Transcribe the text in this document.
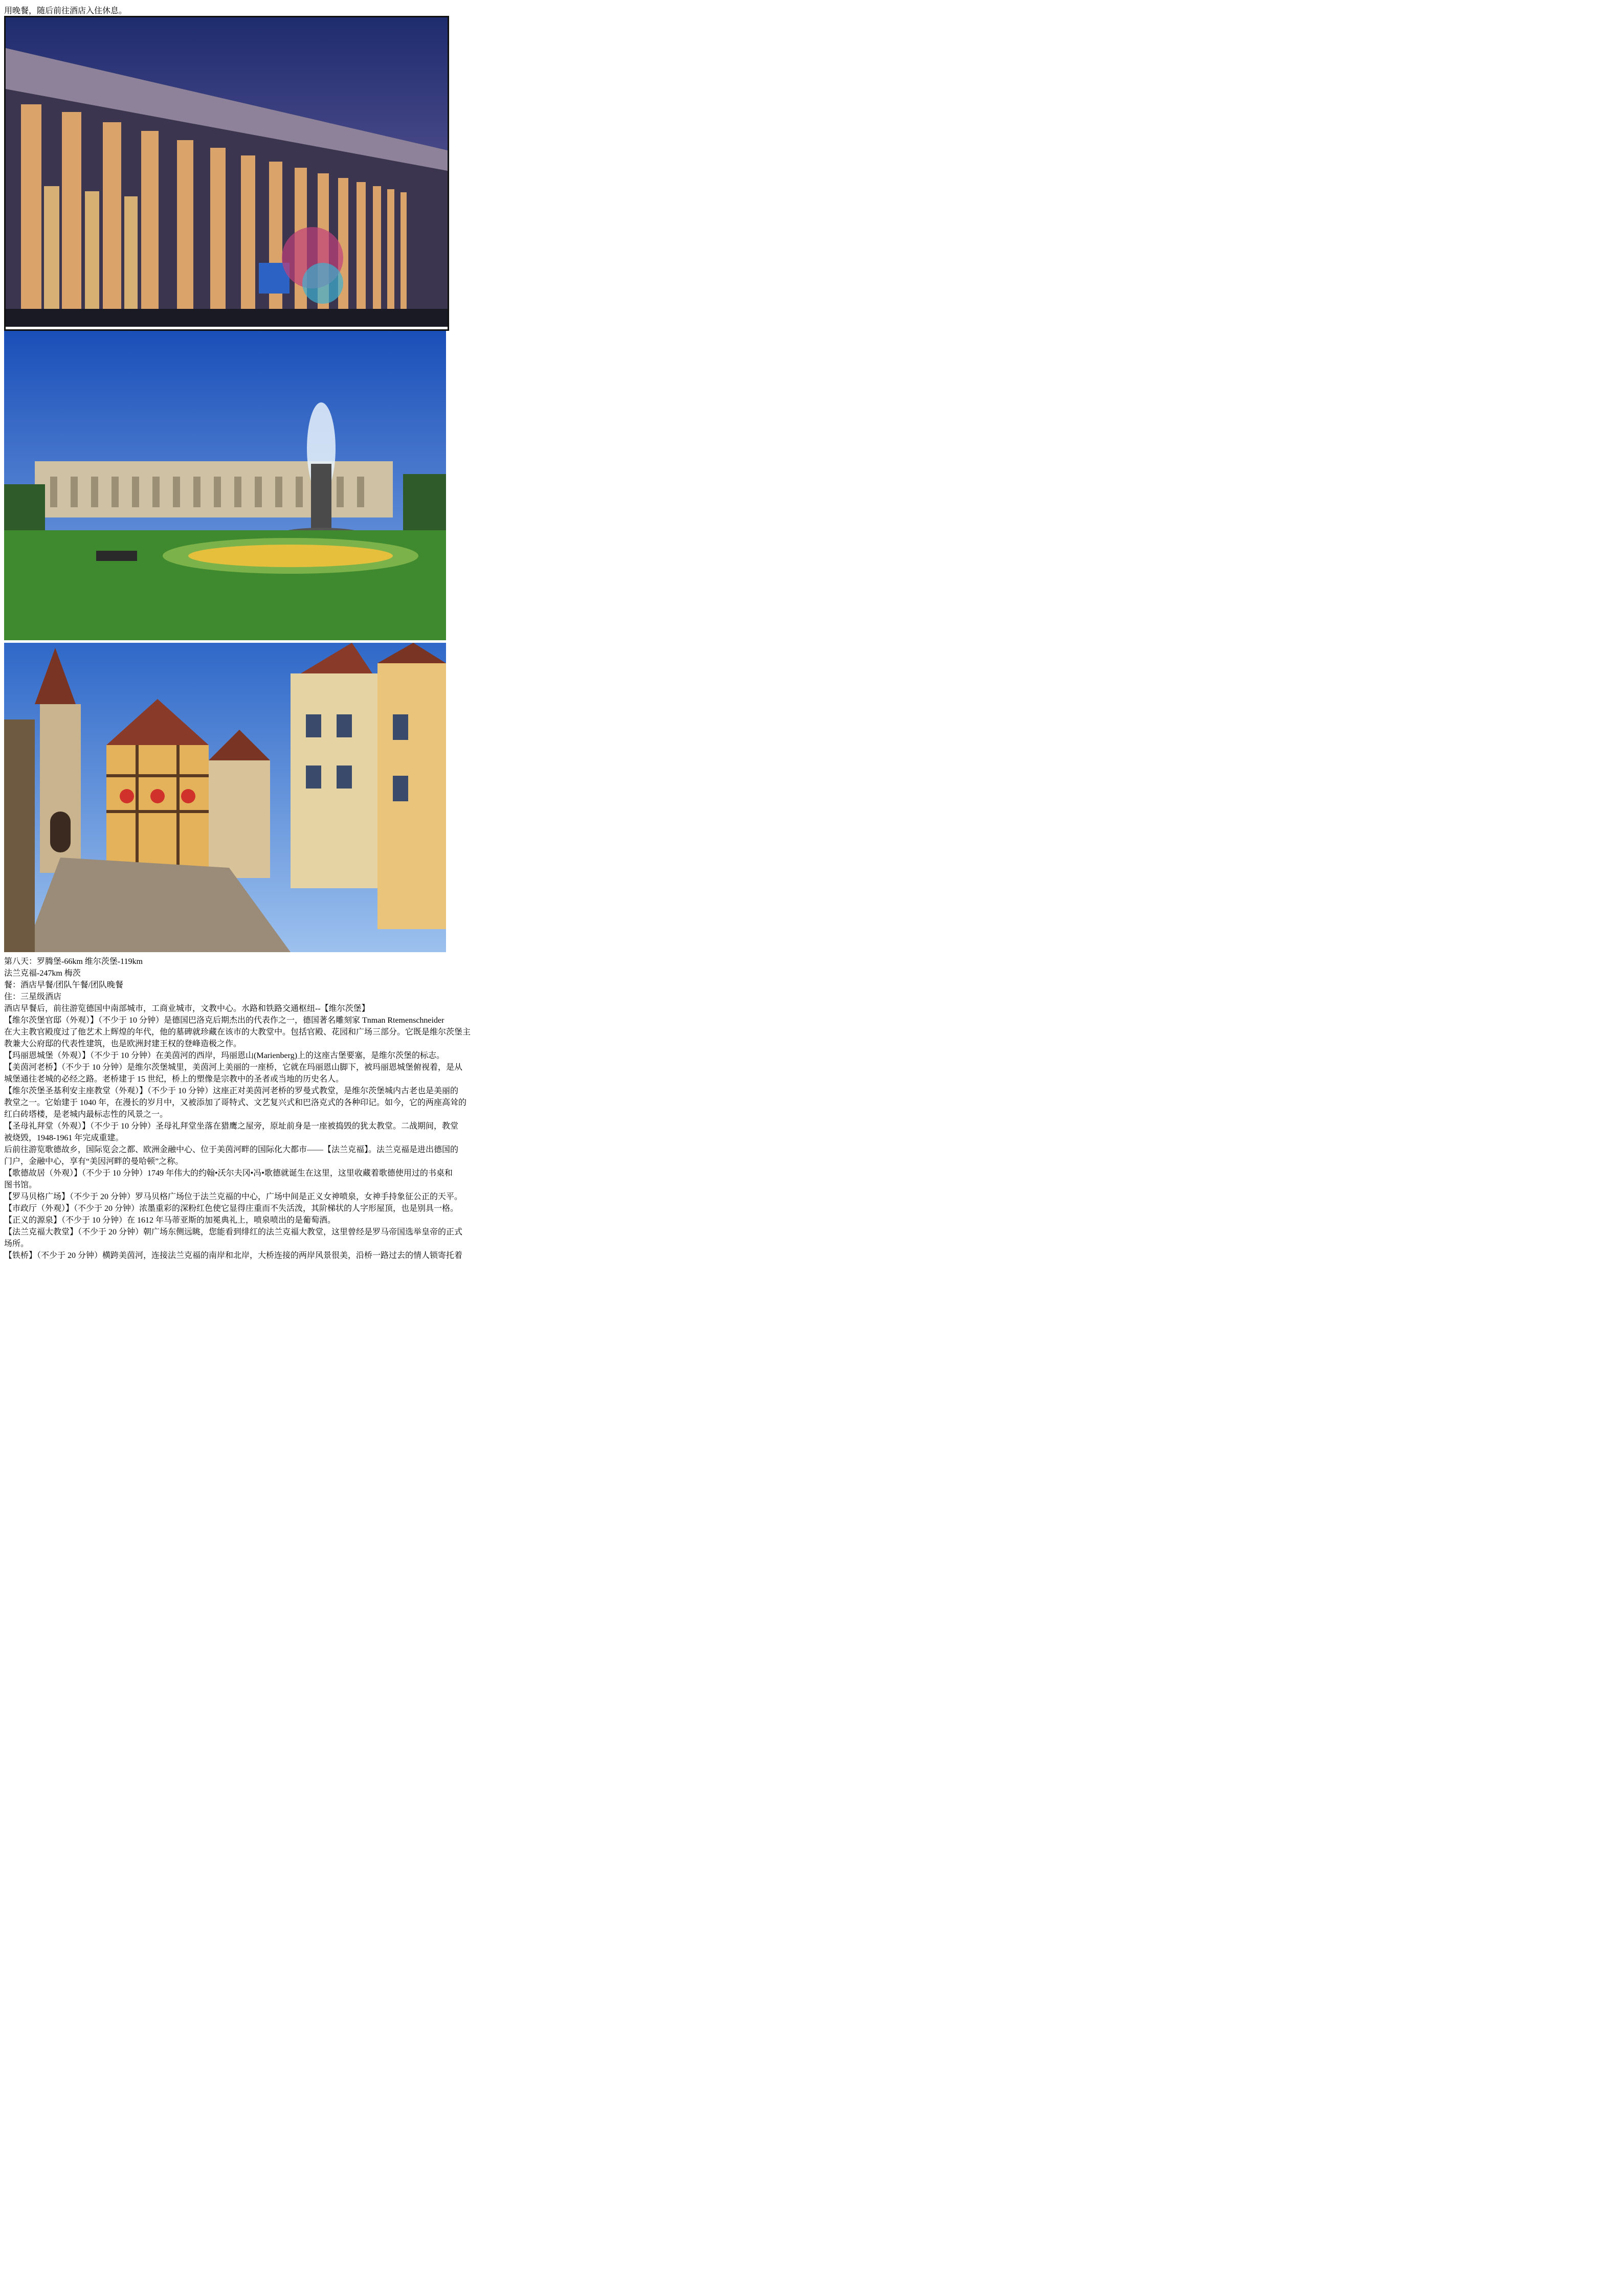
用晚餐，随后前往酒店入住休息。
第八天：罗腾堡-66km 维尔茨堡-119km
法兰克福-247km 梅茨
餐：酒店早餐/团队午餐/团队晚餐
住：三星级酒店
酒店早餐后，前往游览德国中南部城市，工商业城市，文教中心。水路和铁路交通枢纽--【维尔茨堡】
【维尔茨堡官邸（外观）】（不少于 10 分钟）是德国巴洛克后期杰出的代表作之一，德国著名雕刻家 Tnman Rtemenschneider
在大主教官殿度过了他艺术上辉煌的年代，他的墓碑就珍藏在该市的大教堂中。包括官殿、花园和广场三部分。它既是维尔茨堡主
教兼大公府邸的代表性建筑，也是欧洲封建王权的登峰造极之作。
【玛丽恩城堡（外观）】（不少于 10 分钟）在美茵河的西岸，玛丽恩山(Marienberg)上的这座古堡要塞，是维尔茨堡的标志。
【美茵河老桥】（不少于 10 分钟）是维尔茨堡城里，美茵河上美丽的一座桥，它就在玛丽恩山脚下，被玛丽恩城堡俯视着，是从
城堡通往老城的必经之路。老桥建于 15 世纪，桥上的塑像是宗教中的圣者或当地的历史名人。
【维尔茨堡圣基利安主座教堂（外观）】（不少于 10 分钟）这座正对美茵河老桥的罗曼式教堂，是维尔茨堡城内古老也是美丽的
教堂之一。它始建于 1040 年，在漫长的岁月中，又被添加了哥特式、文艺复兴式和巴洛克式的各种印记。如今，它的两座高耸的
红白砖塔楼，是老城内最标志性的风景之一。
【圣母礼拜堂（外观）】（不少于 10 分钟）圣母礼拜堂坐落在猎鹰之屋旁，原址前身是一座被捣毁的犹太教堂。二战期间，教堂
被烧毁，1948-1961 年完成重建。
后前往游览歌德故乡，国际览会之都、欧洲金融中心、位于美茵河畔的国际化大都市——【法兰克福】。法兰克福是进出德国的
门户，金融中心，享有“美因河畔的曼哈顿”之称。
【歌德故居（外观）】（不少于 10 分钟）1749 年伟大的约翰•沃尔夫冈•冯•歌德就诞生在这里，这里收藏着歌德使用过的书桌和
图书馆。
【罗马贝格广场】（不少于 20 分钟）罗马贝格广场位于法兰克福的中心，广场中间是正义女神喷泉，女神手持象征公正的天平。
【市政厅（外观）】（不少于 20 分钟）浓墨重彩的深粉红色使它显得庄重而不失活泼，其阶梯状的人字形屋顶，也是别具一格。
【正义的源泉】（不少于 10 分钟）在 1612 年马蒂亚斯的加冕典礼上，喷泉喷出的是葡萄酒。
【法兰克福大教堂】（不少于 20 分钟）朝广场东侧远眺，您能看到绯红的法兰克福大教堂，这里曾经是罗马帝国选举皇帝的正式
场所。
【铁桥】（不少于 20 分钟）横跨美茵河，连接法兰克福的南岸和北岸，大桥连接的两岸风景很美，沿桥一路过去的情人锁寄托着
